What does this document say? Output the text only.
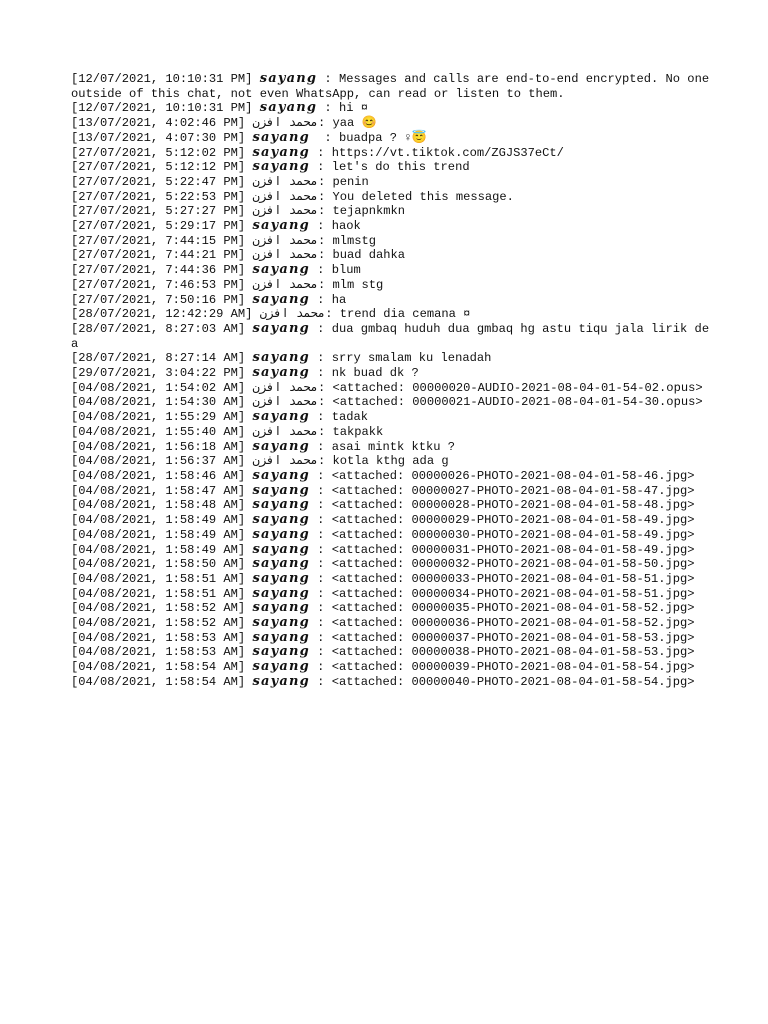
[12/07/2021, 10:10:31 PM] 𝒔𝒂𝒚𝒂𝒏𝒈 : Messages and calls are end-to-end encrypted. No one outside of this chat, not even WhatsApp, can read or listen to them.
[12/07/2021, 10:10:31 PM] 𝒔𝒂𝒚𝒂𝒏𝒈 : hi ¤
[13/07/2021, 4:02:46 PM] محمد افزن: yaa 😊
[13/07/2021, 4:07:30 PM] 𝒔𝒂𝒚𝒂𝒏𝒈  : buadpa ? ♀😇
[27/07/2021, 5:12:02 PM] 𝒔𝒂𝒚𝒂𝒏𝒈 : https://vt.tiktok.com/ZGJS37eCt/
[27/07/2021, 5:12:12 PM] 𝒔𝒂𝒚𝒂𝒏𝒈 : let's do this trend
[27/07/2021, 5:22:47 PM] محمد افزن: penin
[27/07/2021, 5:22:53 PM] محمد افزن: You deleted this message.
[27/07/2021, 5:27:27 PM] محمد افزن: tejapnkmkn
[27/07/2021, 5:29:17 PM] 𝒔𝒂𝒚𝒂𝒏𝒈 : haok
[27/07/2021, 7:44:15 PM] محمد افزن: mlmstg
[27/07/2021, 7:44:21 PM] محمد افزن: buad dahka
[27/07/2021, 7:44:36 PM] 𝒔𝒂𝒚𝒂𝒏𝒈 : blum
[27/07/2021, 7:46:53 PM] محمد افزن: mlm stg
[27/07/2021, 7:50:16 PM] 𝒔𝒂𝒚𝒂𝒏𝒈 : ha
[28/07/2021, 12:42:29 AM] محمد افزن: trend dia cemana ¤
[28/07/2021, 8:27:03 AM] 𝒔𝒂𝒚𝒂𝒏𝒈 : dua gmbaq huduh dua gmbaq hg astu tiqu jala lirik dea
[28/07/2021, 8:27:14 AM] 𝒔𝒂𝒚𝒂𝒏𝒈 : srry smalam ku lenadah
[29/07/2021, 3:04:22 PM] 𝒔𝒂𝒚𝒂𝒏𝒈 : nk buad dk ?
[04/08/2021, 1:54:02 AM] محمد افزن: <attached: 00000020-AUDIO-2021-08-04-01-54-02.opus>
[04/08/2021, 1:54:30 AM] محمد افزن: <attached: 00000021-AUDIO-2021-08-04-01-54-30.opus>
[04/08/2021, 1:55:29 AM] 𝒔𝒂𝒚𝒂𝒏𝒈 : tadak
[04/08/2021, 1:55:40 AM] محمد افزن: takpakk
[04/08/2021, 1:56:18 AM] 𝒔𝒂𝒚𝒂𝒏𝒈 : asai mintk ktku ?
[04/08/2021, 1:56:37 AM] محمد افزن: kotla kthg ada g
[04/08/2021, 1:58:46 AM] 𝒔𝒂𝒚𝒂𝒏𝒈 : <attached: 00000026-PHOTO-2021-08-04-01-58-46.jpg>
[04/08/2021, 1:58:47 AM] 𝒔𝒂𝒚𝒂𝒏𝒈 : <attached: 00000027-PHOTO-2021-08-04-01-58-47.jpg>
[04/08/2021, 1:58:48 AM] 𝒔𝒂𝒚𝒂𝒏𝒈 : <attached: 00000028-PHOTO-2021-08-04-01-58-48.jpg>
[04/08/2021, 1:58:49 AM] 𝒔𝒂𝒚𝒂𝒏𝒈 : <attached: 00000029-PHOTO-2021-08-04-01-58-49.jpg>
[04/08/2021, 1:58:49 AM] 𝒔𝒂𝒚𝒂𝒏𝒈 : <attached: 00000030-PHOTO-2021-08-04-01-58-49.jpg>
[04/08/2021, 1:58:49 AM] 𝒔𝒂𝒚𝒂𝒏𝒈 : <attached: 00000031-PHOTO-2021-08-04-01-58-49.jpg>
[04/08/2021, 1:58:50 AM] 𝒔𝒂𝒚𝒂𝒏𝒈 : <attached: 00000032-PHOTO-2021-08-04-01-58-50.jpg>
[04/08/2021, 1:58:51 AM] 𝒔𝒂𝒚𝒂𝒏𝒈 : <attached: 00000033-PHOTO-2021-08-04-01-58-51.jpg>
[04/08/2021, 1:58:51 AM] 𝒔𝒂𝒚𝒂𝒏𝒈 : <attached: 00000034-PHOTO-2021-08-04-01-58-51.jpg>
[04/08/2021, 1:58:52 AM] 𝒔𝒂𝒚𝒂𝒏𝒈 : <attached: 00000035-PHOTO-2021-08-04-01-58-52.jpg>
[04/08/2021, 1:58:52 AM] 𝒔𝒂𝒚𝒂𝒏𝒈 : <attached: 00000036-PHOTO-2021-08-04-01-58-52.jpg>
[04/08/2021, 1:58:53 AM] 𝒔𝒂𝒚𝒂𝒏𝒈 : <attached: 00000037-PHOTO-2021-08-04-01-58-53.jpg>
[04/08/2021, 1:58:53 AM] 𝒔𝒂𝒚𝒂𝒏𝒈 : <attached: 00000038-PHOTO-2021-08-04-01-58-53.jpg>
[04/08/2021, 1:58:54 AM] 𝒔𝒂𝒚𝒂𝒏𝒈 : <attached: 00000039-PHOTO-2021-08-04-01-58-54.jpg>
[04/08/2021, 1:58:54 AM] 𝒔𝒂𝒚𝒂𝒏𝒈 : <attached: 00000040-PHOTO-2021-08-04-01-58-54.jpg>
